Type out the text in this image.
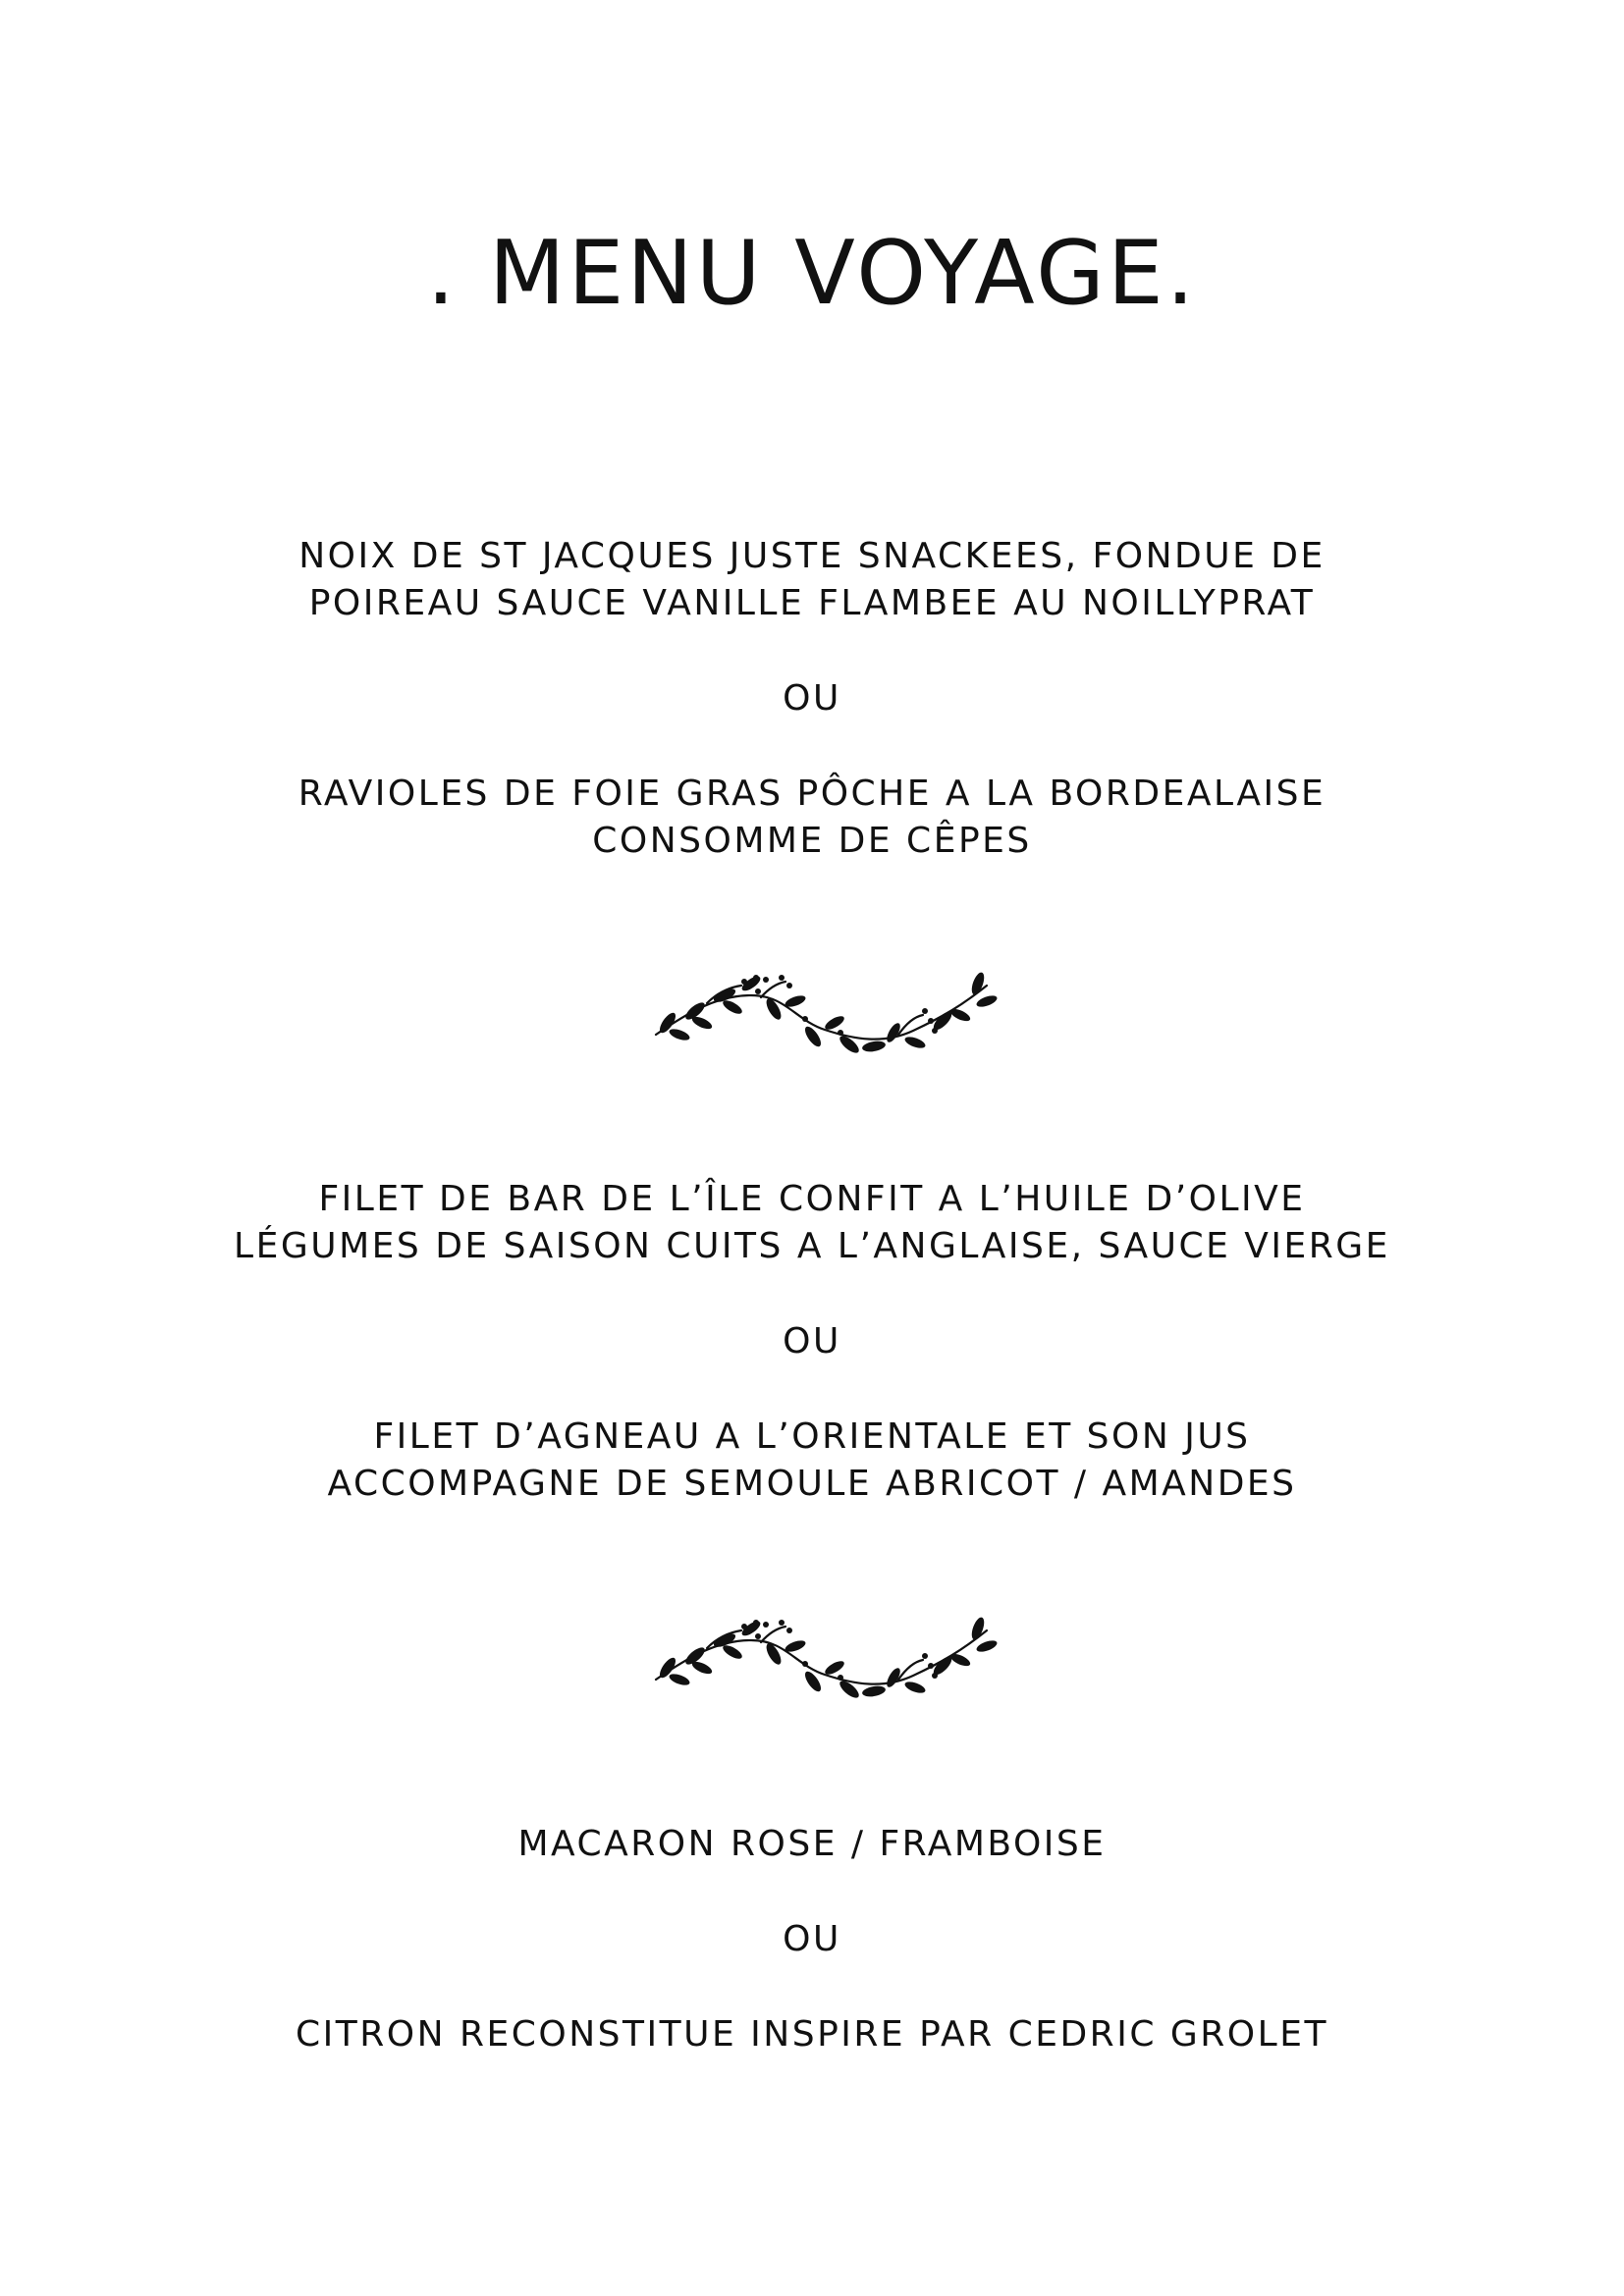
. MENU VOYAGE.

NOIX DE ST JACQUES JUSTE SNACKEES, FONDUE DE

POIREAU SAUCE VANILLE FLAMBEE AU NOILLYPRAT

OU

RAVIOLES DE FOIE GRAS PÔCHE A LA BORDEALAISE

CONSOMME DE CÊPES

FILET DE BAR DE L’ÎLE CONFIT A L’HUILE D’OLIVE

LÉGUMES DE SAISON CUITS A L’ANGLAISE, SAUCE VIERGE

OU

FILET D’AGNEAU A L’ORIENTALE ET SON JUS

ACCOMPAGNE DE SEMOULE ABRICOT / AMANDES

MACARON ROSE / FRAMBOISE

OU

CITRON RECONSTITUE INSPIRE PAR CEDRIC GROLET
